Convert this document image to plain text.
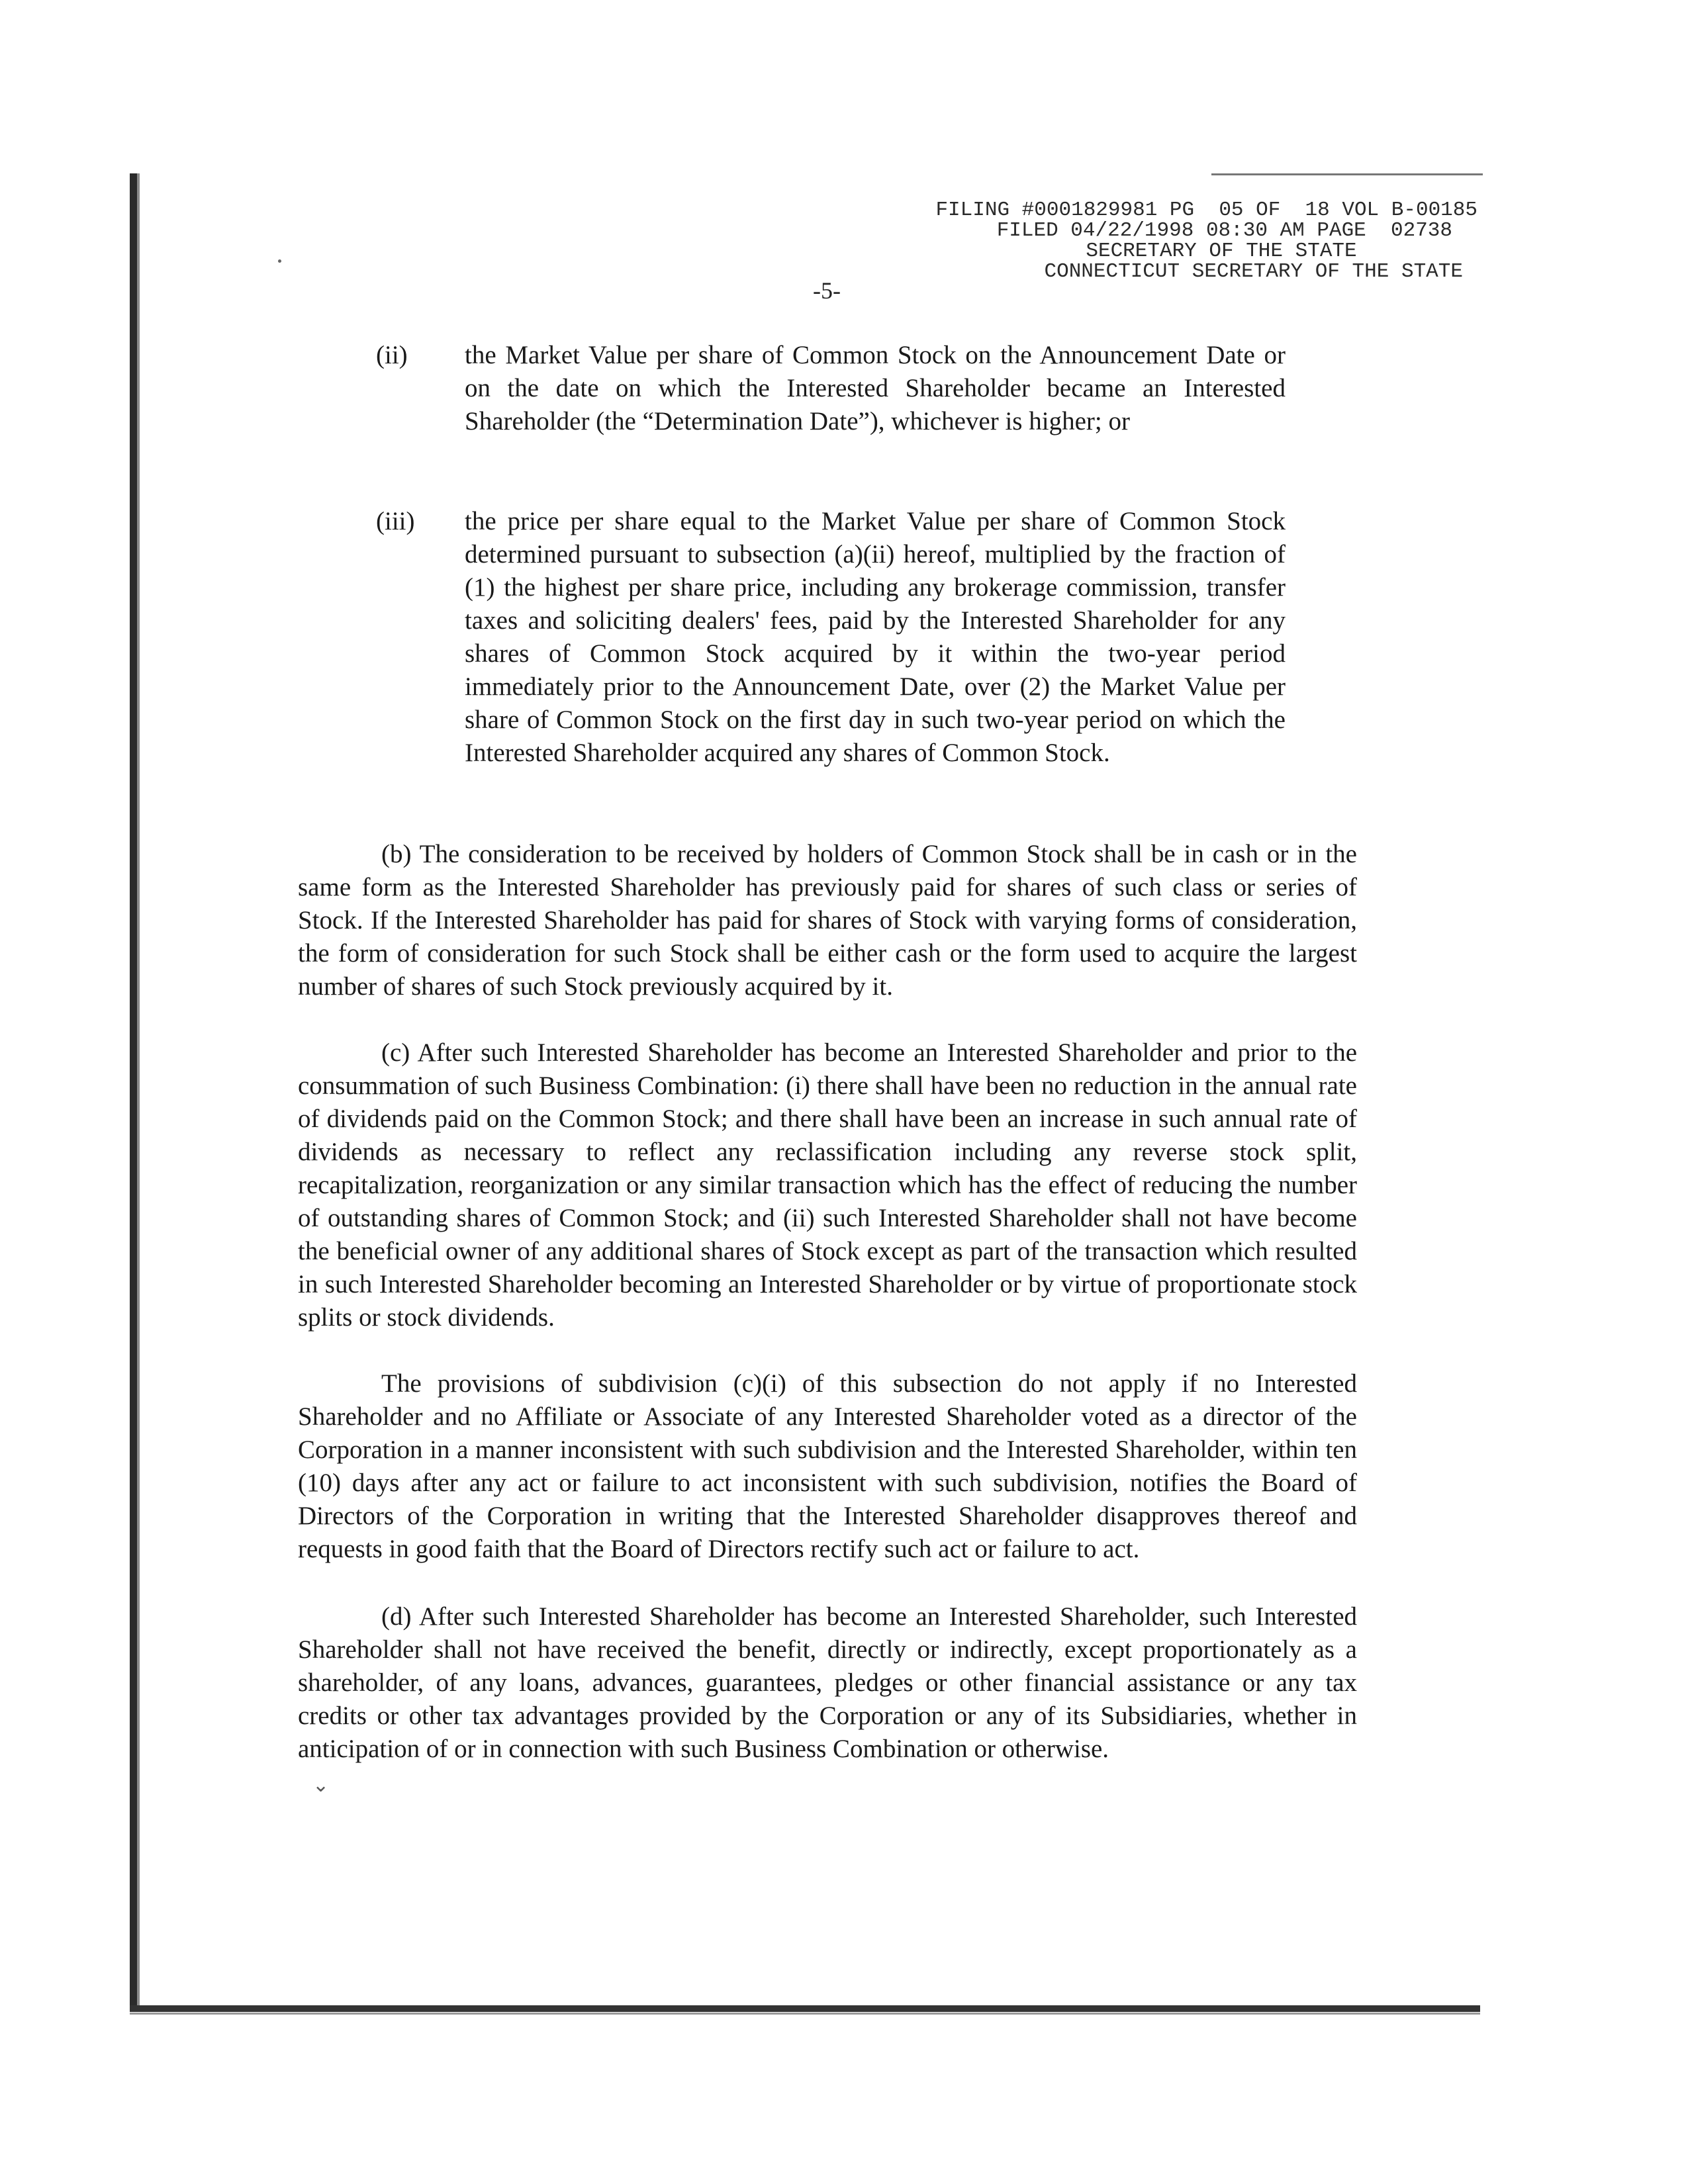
FILING #0001829981 PG  05 OF  18 VOL B-00185
FILED 04/22/1998 08:30 AM PAGE  02738
SECRETARY OF THE STATE
CONNECTICUT SECRETARY OF THE STATE
-5-
(ii)	the Market Value per share of Common Stock on the Announcement Date or on the date on which the Interested Shareholder became an Interested Shareholder (the “Determination Date”), whichever is higher; or
(iii)	the price per share equal to the Market Value per share of Common Stock determined pursuant to subsection (a)(ii) hereof, multiplied by the fraction of (1) the highest per share price, including any brokerage commission, transfer taxes and soliciting dealers' fees, paid by the Interested Shareholder for any shares of Common Stock acquired by it within the two-year period immediately prior to the Announcement Date, over (2) the Market Value per share of Common Stock on the first day in such two-year period on which the Interested Shareholder acquired any shares of Common Stock.
(b) The consideration to be received by holders of Common Stock shall be in cash or in the same form as the Interested Shareholder has previously paid for shares of such class or series of Stock. If the Interested Shareholder has paid for shares of Stock with varying forms of consideration, the form of consideration for such Stock shall be either cash or the form used to acquire the largest number of shares of such Stock previously acquired by it.
(c) After such Interested Shareholder has become an Interested Shareholder and prior to the consummation of such Business Combination: (i) there shall have been no reduction in the annual rate of dividends paid on the Common Stock; and there shall have been an increase in such annual rate of dividends as necessary to reflect any reclassification including any reverse stock split, recapitalization, reorganization or any similar transaction which has the effect of reducing the number of outstanding shares of Common Stock; and (ii) such Interested Shareholder shall not have become the beneficial owner of any additional shares of Stock except as part of the transaction which resulted in such Interested Shareholder becoming an Interested Shareholder or by virtue of proportionate stock splits or stock dividends.
The provisions of subdivision (c)(i) of this subsection do not apply if no Interested Shareholder and no Affiliate or Associate of any Interested Shareholder voted as a director of the Corporation in a manner inconsistent with such subdivision and the Interested Shareholder, within ten (10) days after any act or failure to act inconsistent with such subdivision, notifies the Board of Directors of the Corporation in writing that the Interested Shareholder disapproves thereof and requests in good faith that the Board of Directors rectify such act or failure to act.
(d) After such Interested Shareholder has become an Interested Shareholder, such Interested Shareholder shall not have received the benefit, directly or indirectly, except proportionately as a shareholder, of any loans, advances, guarantees, pledges or other financial assistance or any tax credits or other tax advantages provided by the Corporation or any of its Subsidiaries, whether in anticipation of or in connection with such Business Combination or otherwise.
⌄
